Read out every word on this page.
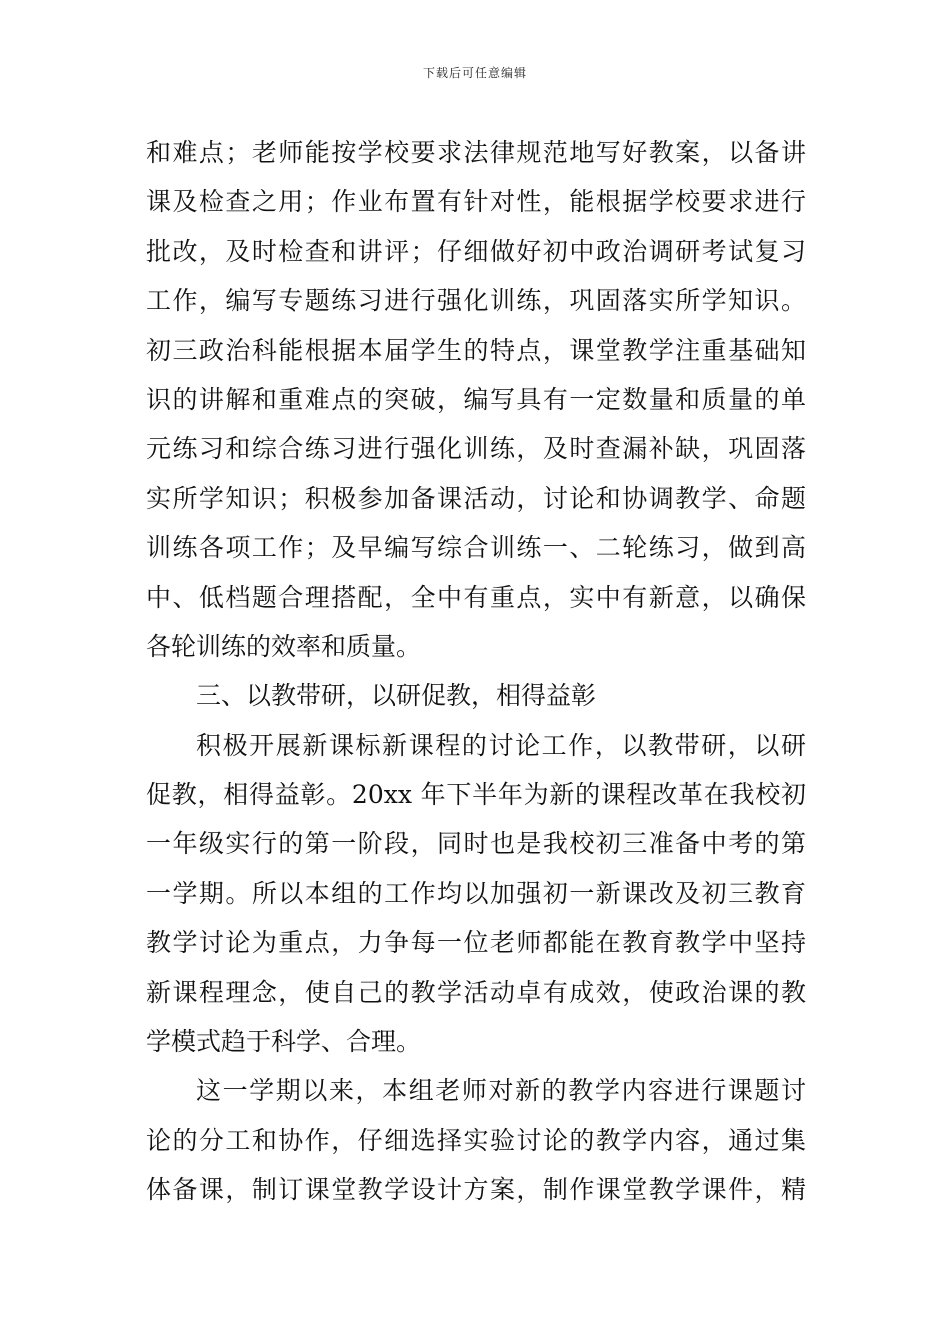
下载后可任意编辑
和难点；老师能按学校要求法律规范地写好教案，以备讲
课及检查之用；作业布置有针对性，能根据学校要求进行
批改，及时检查和讲评；仔细做好初中政治调研考试复习
工作，编写专题练习进行强化训练，巩固落实所学知识。
初三政治科能根据本届学生的特点，课堂教学注重基础知
识的讲解和重难点的突破，编写具有一定数量和质量的单
元练习和综合练习进行强化训练，及时查漏补缺，巩固落
实所学知识；积极参加备课活动，讨论和协调教学、命题
训练各项工作；及早编写综合训练一、二轮练习，做到高
中、低档题合理搭配，全中有重点，实中有新意，以确保
各轮训练的效率和质量。
三、以教带研，以研促教，相得益彰
积极开展新课标新课程的讨论工作，以教带研，以研
促教，相得益彰。20xx 年下半年为新的课程改革在我校初
一年级实行的第一阶段，同时也是我校初三准备中考的第
一学期。所以本组的工作均以加强初一新课改及初三教育
教学讨论为重点，力争每一位老师都能在教育教学中坚持
新课程理念，使自己的教学活动卓有成效，使政治课的教
学模式趋于科学、合理。
这一学期以来，本组老师对新的教学内容进行课题讨
论的分工和协作，仔细选择实验讨论的教学内容，通过集
体备课，制订课堂教学设计方案，制作课堂教学课件，精
